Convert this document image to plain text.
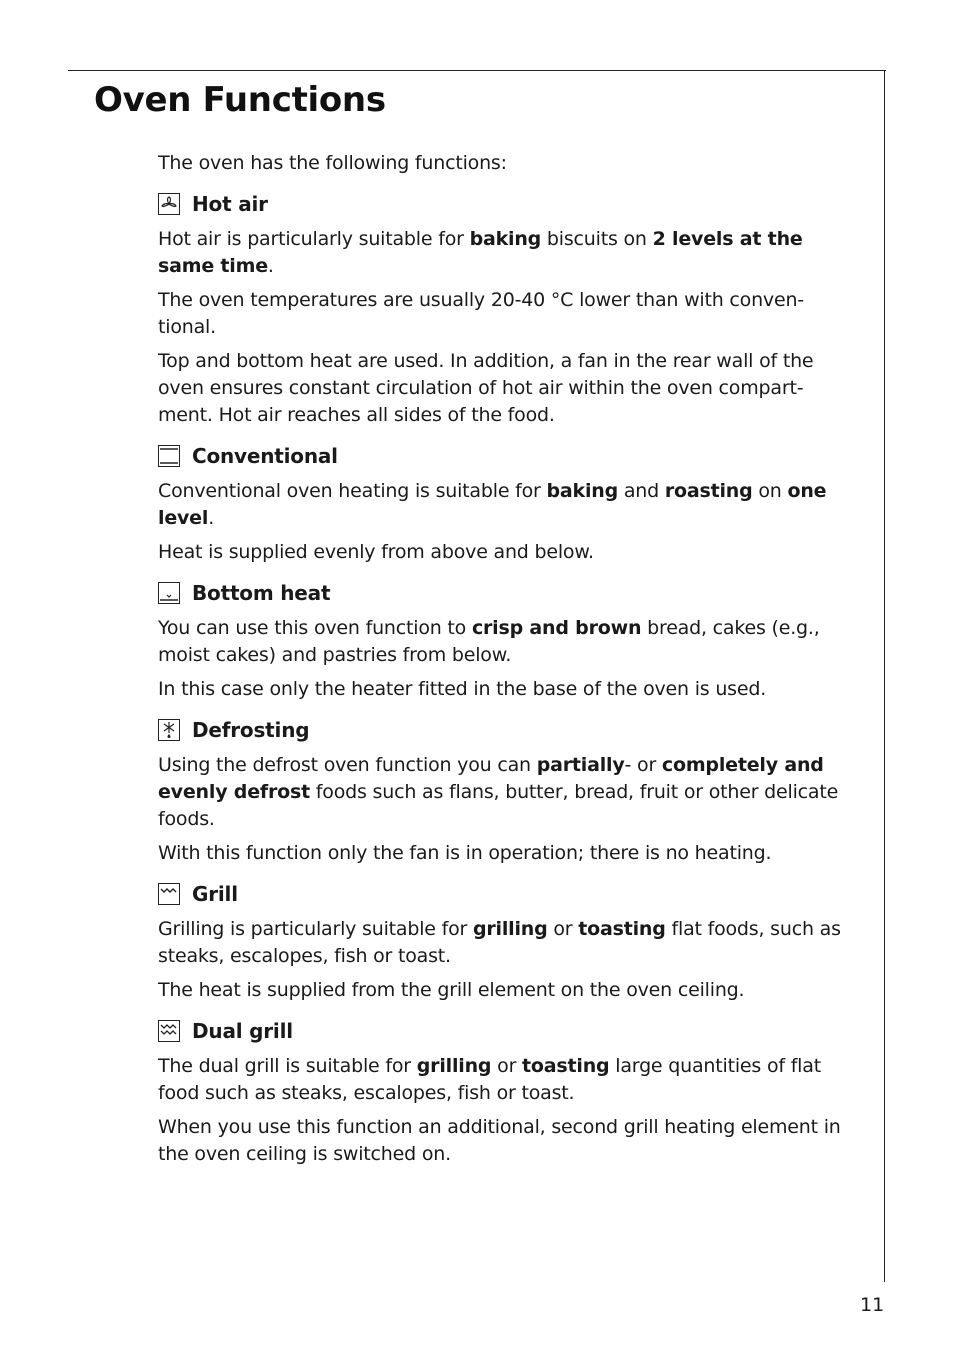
Oven Functions

The oven has the following functions:

Hot air

Hot air is particularly suitable for baking biscuits on 2 levels at the same time.

The oven temperatures are usually 20-40 °C lower than with conven-tional.

Top and bottom heat are used. In addition, a fan in the rear wall of the oven ensures constant circulation of hot air within the oven compart-ment. Hot air reaches all sides of the food.

Conventional

Conventional oven heating is suitable for baking and roasting on one level.

Heat is supplied evenly from above and below.

Bottom heat

You can use this oven function to crisp and brown bread, cakes (e.g., moist cakes) and pastries from below.

In this case only the heater fitted in the base of the oven is used.

Defrosting

Using the defrost oven function you can partially- or completely and evenly defrost foods such as flans, butter, bread, fruit or other delicate foods.

With this function only the fan is in operation; there is no heating.

Grill

Grilling is particularly suitable for grilling or toasting flat foods, such as steaks, escalopes, fish or toast.

The heat is supplied from the grill element on the oven ceiling.

Dual grill

The dual grill is suitable for grilling or toasting large quantities of flat food such as steaks, escalopes, fish or toast.

When you use this function an additional, second grill heating element in the oven ceiling is switched on.

11
